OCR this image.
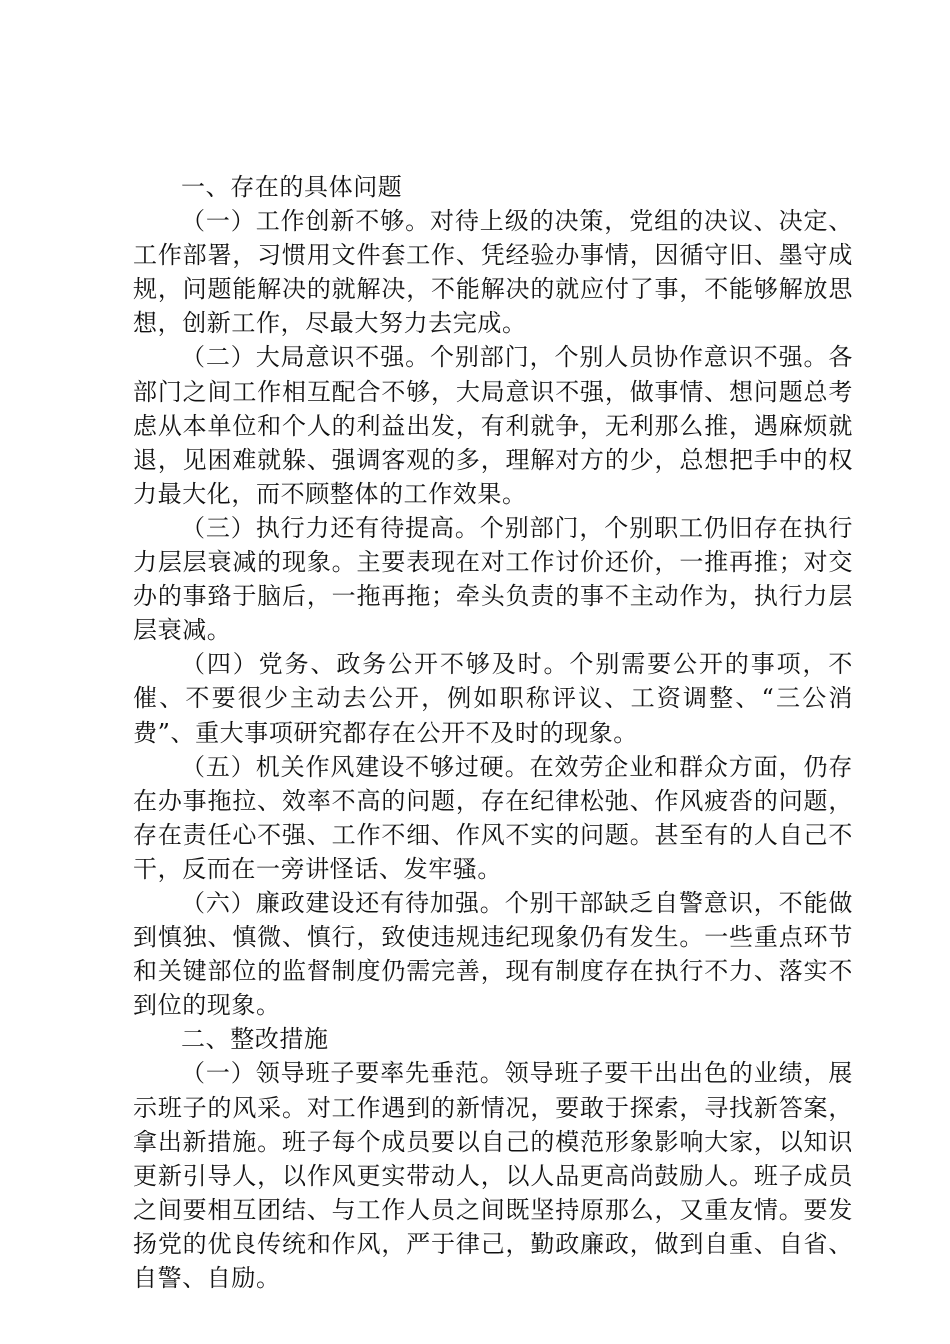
一、存在的具体问题

（一）工作创新不够。对待上级的决策，党组的决议、决定、工作部署，习惯用文件套工作、凭经验办事情，因循守旧、墨守成规，问题能解决的就解决，不能解决的就应付了事，不能够解放思想，创新工作，尽最大努力去完成。

（二）大局意识不强。个别部门，个别人员协作意识不强。各部门之间工作相互配合不够，大局意识不强，做事情、想问题总考虑从本单位和个人的利益出发，有利就争，无利那么推，遇麻烦就退，见困难就躲、强调客观的多，理解对方的少，总想把手中的权力最大化，而不顾整体的工作效果。

（三）执行力还有待提高。个别部门，个别职工仍旧存在执行力层层衰减的现象。主要表现在对工作讨价还价，一推再推；对交办的事臵于脑后，一拖再拖；牵头负责的事不主动作为，执行力层层衰减。

（四）党务、政务公开不够及时。个别需要公开的事项，不催、不要很少主动去公开，例如职称评议、工资调整、“三公消费”、重大事项研究都存在公开不及时的现象。

（五）机关作风建设不够过硬。在效劳企业和群众方面，仍存在办事拖拉、效率不高的问题，存在纪律松弛、作风疲沓的问题，存在责任心不强、工作不细、作风不实的问题。甚至有的人自己不干，反而在一旁讲怪话、发牢骚。

（六）廉政建设还有待加强。个别干部缺乏自警意识，不能做到慎独、慎微、慎行，致使违规违纪现象仍有发生。一些重点环节和关键部位的监督制度仍需完善，现有制度存在执行不力、落实不到位的现象。

二、整改措施

（一）领导班子要率先垂范。领导班子要干出出色的业绩，展示班子的风采。对工作遇到的新情况，要敢于探索，寻找新答案，拿出新措施。班子每个成员要以自己的模范形象影响大家，以知识更新引导人，以作风更实带动人，以人品更高尚鼓励人。班子成员之间要相互团结、与工作人员之间既坚持原那么，又重友情。要发扬党的优良传统和作风，严于律己，勤政廉政，做到自重、自省、自警、自励。
